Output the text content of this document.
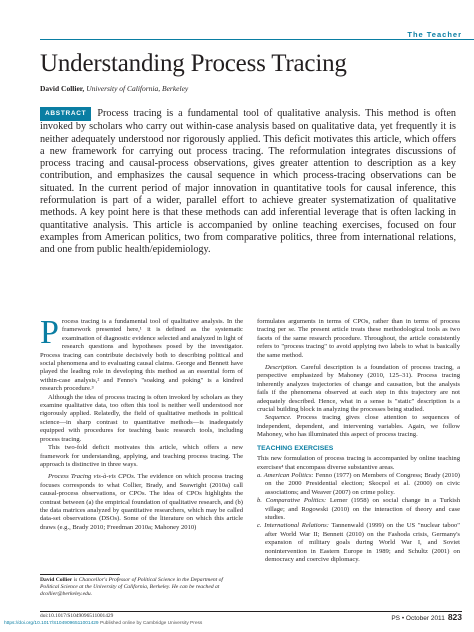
The Teacher
Understanding Process Tracing
David Collier, University of California, Berkeley
ABSTRACT Process tracing is a fundamental tool of qualitative analysis. This method is often invoked by scholars who carry out within-case analysis based on qualitative data, yet frequently it is neither adequately understood nor rigorously applied. This deficit motivates this article, which offers a new framework for carrying out process tracing. The reformulation integrates discussions of process tracing and causal-process observations, gives greater attention to description as a key contribution, and emphasizes the causal sequence in which process-tracing observations can be situated. In the current period of major innovation in quantitative tools for causal inference, this reformulation is part of a wider, parallel effort to achieve greater systematization of qualitative methods. A key point here is that these methods can add inferential leverage that is often lacking in quantitative analysis. This article is accompanied by online teaching exercises, focused on four examples from American politics, two from comparative politics, three from international relations, and one from public health/epidemiology.

Process tracing is a fundamental tool of qualitative analysis. In the framework presented here,¹ it is defined as the systematic examination of diagnostic evidence selected and analyzed in light of research questions and hypotheses posed by the investigator. Process tracing can contribute decisively both to describing political and social phenomena and to evaluating causal claims. George and Bennett have played the leading role in developing this method as an essential form of within-case analysis,² and Fenno's "soaking and poking" is a kindred research procedure.³

Although the idea of process tracing is often invoked by scholars as they examine qualitative data, too often this tool is neither well understood nor rigorously applied. Relatedly, the field of qualitative methods in political science—in sharp contrast to quantitative methods—is inadequately equipped with procedures for teaching basic research tools, including process tracing.

This two-fold deficit motivates this article, which offers a new framework for understanding, applying, and teaching process tracing. The approach is distinctive in three ways.

Process Tracing vis-à-vis CPOs. The evidence on which process tracing focuses corresponds to what Collier, Brady, and Seawright (2010a) call causal-process observations, or CPOs. The idea of CPOs highlights the contrast between (a) the empirical foundation of qualitative research, and (b) the data matrices analyzed by quantitative researchers, which may be called data-set observations (DSOs). Some of the literature on which this article draws (e.g., Brady 2010; Freedman 2010a; Mahoney 2010)

formulates arguments in terms of CPOs, rather than in terms of process tracing per se. The present article treats these methodological tools as two facets of the same research procedure. Throughout, the article consistently refers to "process tracing" to avoid applying two labels to what is basically the same method.

Description. Careful description is a foundation of process tracing, a perspective emphasized by Mahoney (2010, 125–31). Process tracing inherently analyzes trajectories of change and causation, but the analysis fails if the phenomena observed at each step in this trajectory are not adequately described. Hence, what in a sense is "static" description is a crucial building block in analyzing the processes being studied.

Sequence. Process tracing gives close attention to sequences of independent, dependent, and intervening variables. Again, we follow Mahoney, who has illuminated this aspect of process tracing.

TEACHING EXERCISES

This new formulation of process tracing is accompanied by online teaching exercises⁴ that encompass diverse substantive areas.

a. American Politics: Fenno (1977) on Members of Congress; Brady (2010) on the 2000 Presidential election; Skocpol et al. (2000) on civic associations; and Weaver (2007) on crime policy.

b. Comparative Politics: Lerner (1958) on social change in a Turkish village; and Rogowski (2010) on the interaction of theory and case studies.

c. International Relations: Tannenwald (1999) on the US "nuclear taboo" after World War II; Bennett (2010) on the Fashoda crisis, Germany's expansion of military goals during World War I, and Soviet nonintervention in Eastern Europe in 1989; and Schultz (2001) on democracy and coercive diplomacy.

David Collier is Chancellor's Professor of Political Science in the Department of Political Science at the University of California, Berkeley. He can be reached at dcollier@berkeley.edu.
doi:10.1017/S1049096511001429	PS • October 2011 823
https://doi.org/10.1017/S1049096511001429 Published online by Cambridge University Press
